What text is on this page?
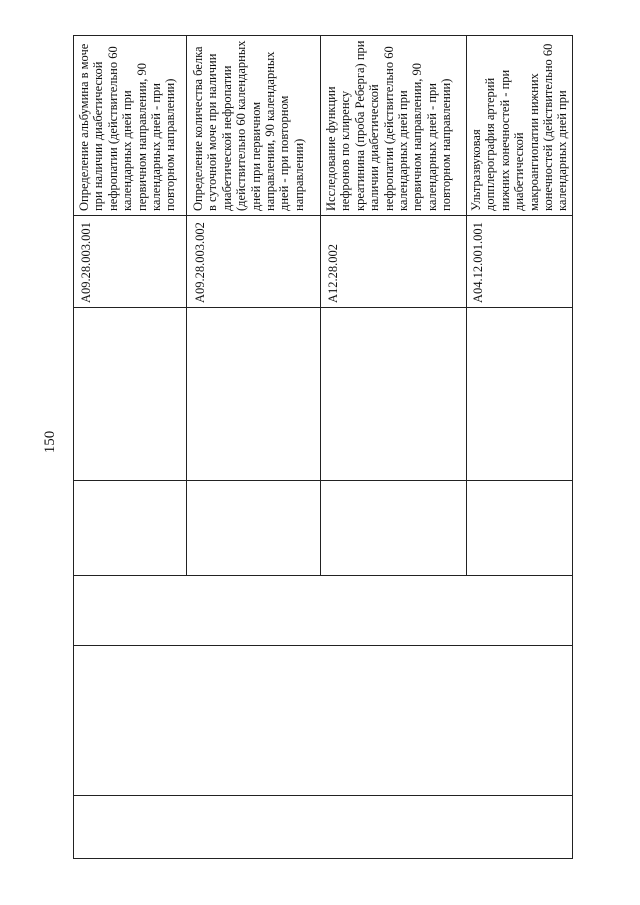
150
Определение альбумина в моче при наличии диабетической нефропатии (действительно 60 календарных дней при первичном направлении, 90 календарных дней - при повторном направлении)
A09.28.003.001
Определение количества белка в суточной моче при наличии диабетической нефропатии (действительно 60 календарных дней при первичном направлении, 90 календарных дней - при повторном направлении)
A09.28.003.002
Исследование функции нефронов по клиренсу креатинина (проба Реберга) при наличии диабетической нефропатии (действительно 60 календарных дней при первичном направлении, 90 календарных дней - при повторном направлении)
A12.28.002
Ультразвуковая допплерография артерий нижних конечностей - при диабетической макроангиопатии нижних конечностей (действительно 60 календарных дней при
A04.12.001.001
